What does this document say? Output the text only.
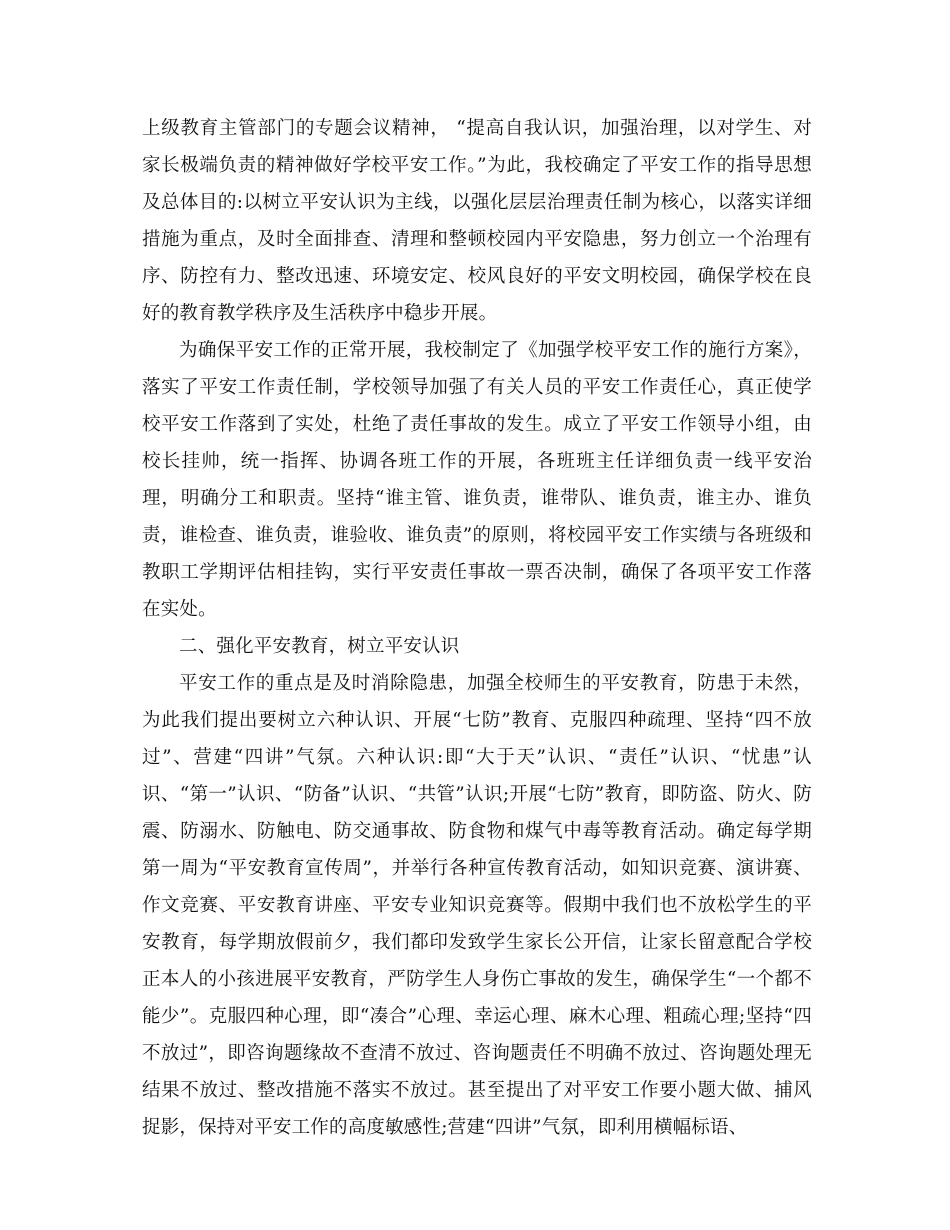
上级教育主管部门的专题会议精神， “提高自我认识，加强治理，以对学生、对家长极端负责的精神做好学校平安工作。”为此，我校确定了平安工作的指导思想及总体目的:以树立平安认识为主线，以强化层层治理责任制为核心，以落实详细措施为重点，及时全面排查、清理和整顿校园内平安隐患，努力创立一个治理有序、防控有力、整改迅速、环境安定、校风良好的平安文明校园，确保学校在良好的教育教学秩序及生活秩序中稳步开展。

为确保平安工作的正常开展，我校制定了《加强学校平安工作的施行方案》，落实了平安工作责任制，学校领导加强了有关人员的平安工作责任心，真正使学校平安工作落到了实处，杜绝了责任事故的发生。成立了平安工作领导小组，由校长挂帅，统一指挥、协调各班工作的开展，各班班主任详细负责一线平安治理，明确分工和职责。坚持“谁主管、谁负责，谁带队、谁负责，谁主办、谁负责，谁检查、谁负责，谁验收、谁负责”的原则，将校园平安工作实绩与各班级和教职工学期评估相挂钩，实行平安责任事故一票否决制，确保了各项平安工作落在实处。

二、强化平安教育，树立平安认识

平安工作的重点是及时消除隐患，加强全校师生的平安教育，防患于未然，为此我们提出要树立六种认识、开展“七防”教育、克服四种疏理、坚持“四不放过”、营建“四讲”气氛。六种认识:即“大于天”认识、“责任”认识、“忧患”认识、“第一”认识、“防备”认识、“共管”认识;开展“七防”教育，即防盗、防火、防震、防溺水、防触电、防交通事故、防食物和煤气中毒等教育活动。确定每学期第一周为“平安教育宣传周”，并举行各种宣传教育活动，如知识竞赛、演讲赛、作文竞赛、平安教育讲座、平安专业知识竞赛等。假期中我们也不放松学生的平安教育，每学期放假前夕，我们都印发致学生家长公开信，让家长留意配合学校正本人的小孩进展平安教育，严防学生人身伤亡事故的发生，确保学生“一个都不能少”。克服四种心理，即“凑合”心理、幸运心理、麻木心理、粗疏心理;坚持“四不放过”，即咨询题缘故不查清不放过、咨询题责任不明确不放过、咨询题处理无结果不放过、整改措施不落实不放过。甚至提出了对平安工作要小题大做、捕风捉影，保持对平安工作的高度敏感性;营建“四讲”气氛，即利用横幅标语、
